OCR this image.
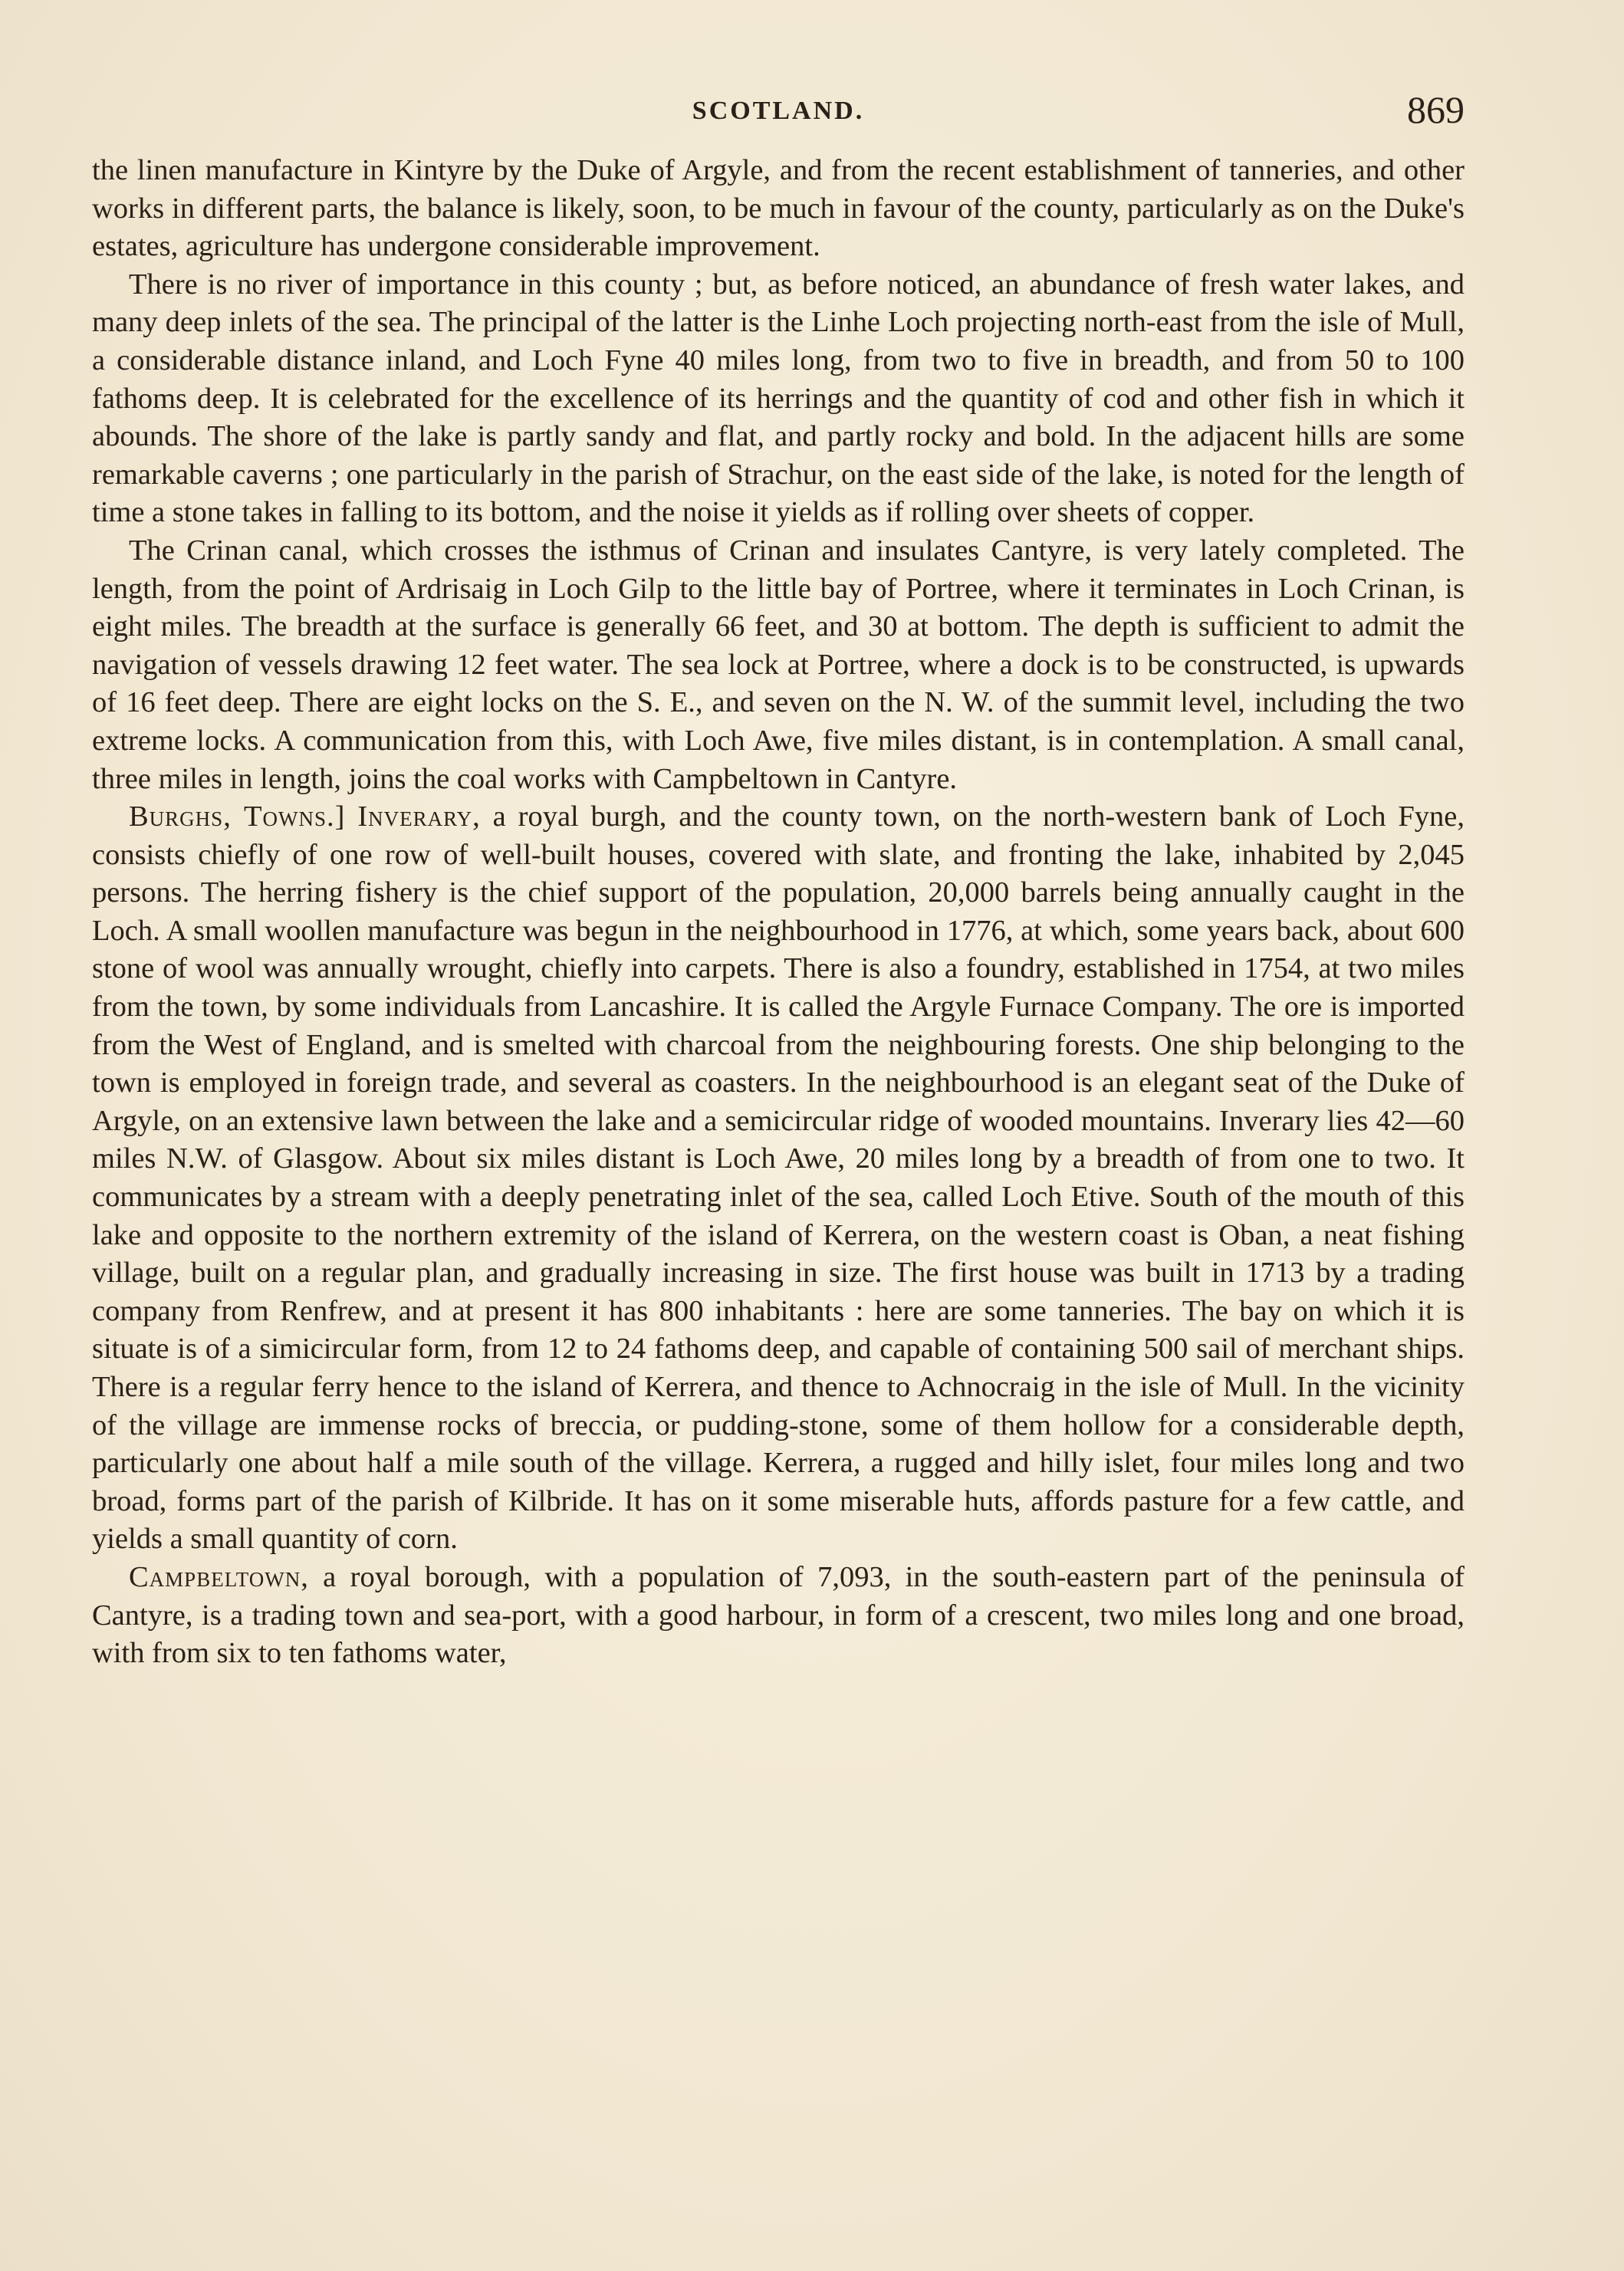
SCOTLAND.	869

the linen manufacture in Kintyre by the Duke of Argyle, and from the recent establishment of tanneries, and other works in different parts, the balance is likely, soon, to be much in favour of the county, particularly as on the Duke's estates, agriculture has undergone considerable improvement.

There is no river of importance in this county ; but, as before noticed, an abundance of fresh water lakes, and many deep inlets of the sea. The principal of the latter is the Linhe Loch projecting north-east from the isle of Mull, a considerable distance inland, and Loch Fyne 40 miles long, from two to five in breadth, and from 50 to 100 fathoms deep. It is celebrated for the excellence of its herrings and the quantity of cod and other fish in which it abounds. The shore of the lake is partly sandy and flat, and partly rocky and bold. In the adjacent hills are some remarkable caverns ; one particularly in the parish of Strachur, on the east side of the lake, is noted for the length of time a stone takes in falling to its bottom, and the noise it yields as if rolling over sheets of copper.

The Crinan canal, which crosses the isthmus of Crinan and insulates Cantyre, is very lately completed. The length, from the point of Ardrisaig in Loch Gilp to the little bay of Portree, where it terminates in Loch Crinan, is eight miles. The breadth at the surface is generally 66 feet, and 30 at bottom. The depth is sufficient to admit the navigation of vessels drawing 12 feet water. The sea lock at Portree, where a dock is to be constructed, is upwards of 16 feet deep. There are eight locks on the S. E., and seven on the N. W. of the summit level, including the two extreme locks. A communication from this, with Loch Awe, five miles distant, is in contemplation. A small canal, three miles in length, joins the coal works with Campbeltown in Cantyre.

Burghs, Towns.] Inverary, a royal burgh, and the county town, on the north-western bank of Loch Fyne, consists chiefly of one row of well-built houses, covered with slate, and fronting the lake, inhabited by 2,045 persons. The herring fishery is the chief support of the population, 20,000 barrels being annually caught in the Loch. A small woollen manufacture was begun in the neighbourhood in 1776, at which, some years back, about 600 stone of wool was annually wrought, chiefly into carpets. There is also a foundry, established in 1754, at two miles from the town, by some individuals from Lancashire. It is called the Argyle Furnace Company. The ore is imported from the West of England, and is smelted with charcoal from the neighbouring forests. One ship belonging to the town is employed in foreign trade, and several as coasters. In the neighbourhood is an elegant seat of the Duke of Argyle, on an extensive lawn between the lake and a semicircular ridge of wooded mountains. Inverary lies 42—60 miles N.W. of Glasgow. About six miles distant is Loch Awe, 20 miles long by a breadth of from one to two. It communicates by a stream with a deeply penetrating inlet of the sea, called Loch Etive. South of the mouth of this lake and opposite to the northern extremity of the island of Kerrera, on the western coast is Oban, a neat fishing village, built on a regular plan, and gradually increasing in size. The first house was built in 1713 by a trading company from Renfrew, and at present it has 800 inhabitants : here are some tanneries. The bay on which it is situate is of a simicircular form, from 12 to 24 fathoms deep, and capable of containing 500 sail of merchant ships. There is a regular ferry hence to the island of Kerrera, and thence to Achnocraig in the isle of Mull. In the vicinity of the village are immense rocks of breccia, or pudding-stone, some of them hollow for a considerable depth, particularly one about half a mile south of the village. Kerrera, a rugged and hilly islet, four miles long and two broad, forms part of the parish of Kilbride. It has on it some miserable huts, affords pasture for a few cattle, and yields a small quantity of corn.

Campbeltown, a royal borough, with a population of 7,093, in the south-eastern part of the peninsula of Cantyre, is a trading town and sea-port, with a good harbour, in form of a crescent, two miles long and one broad, with from six to ten fathoms water,
